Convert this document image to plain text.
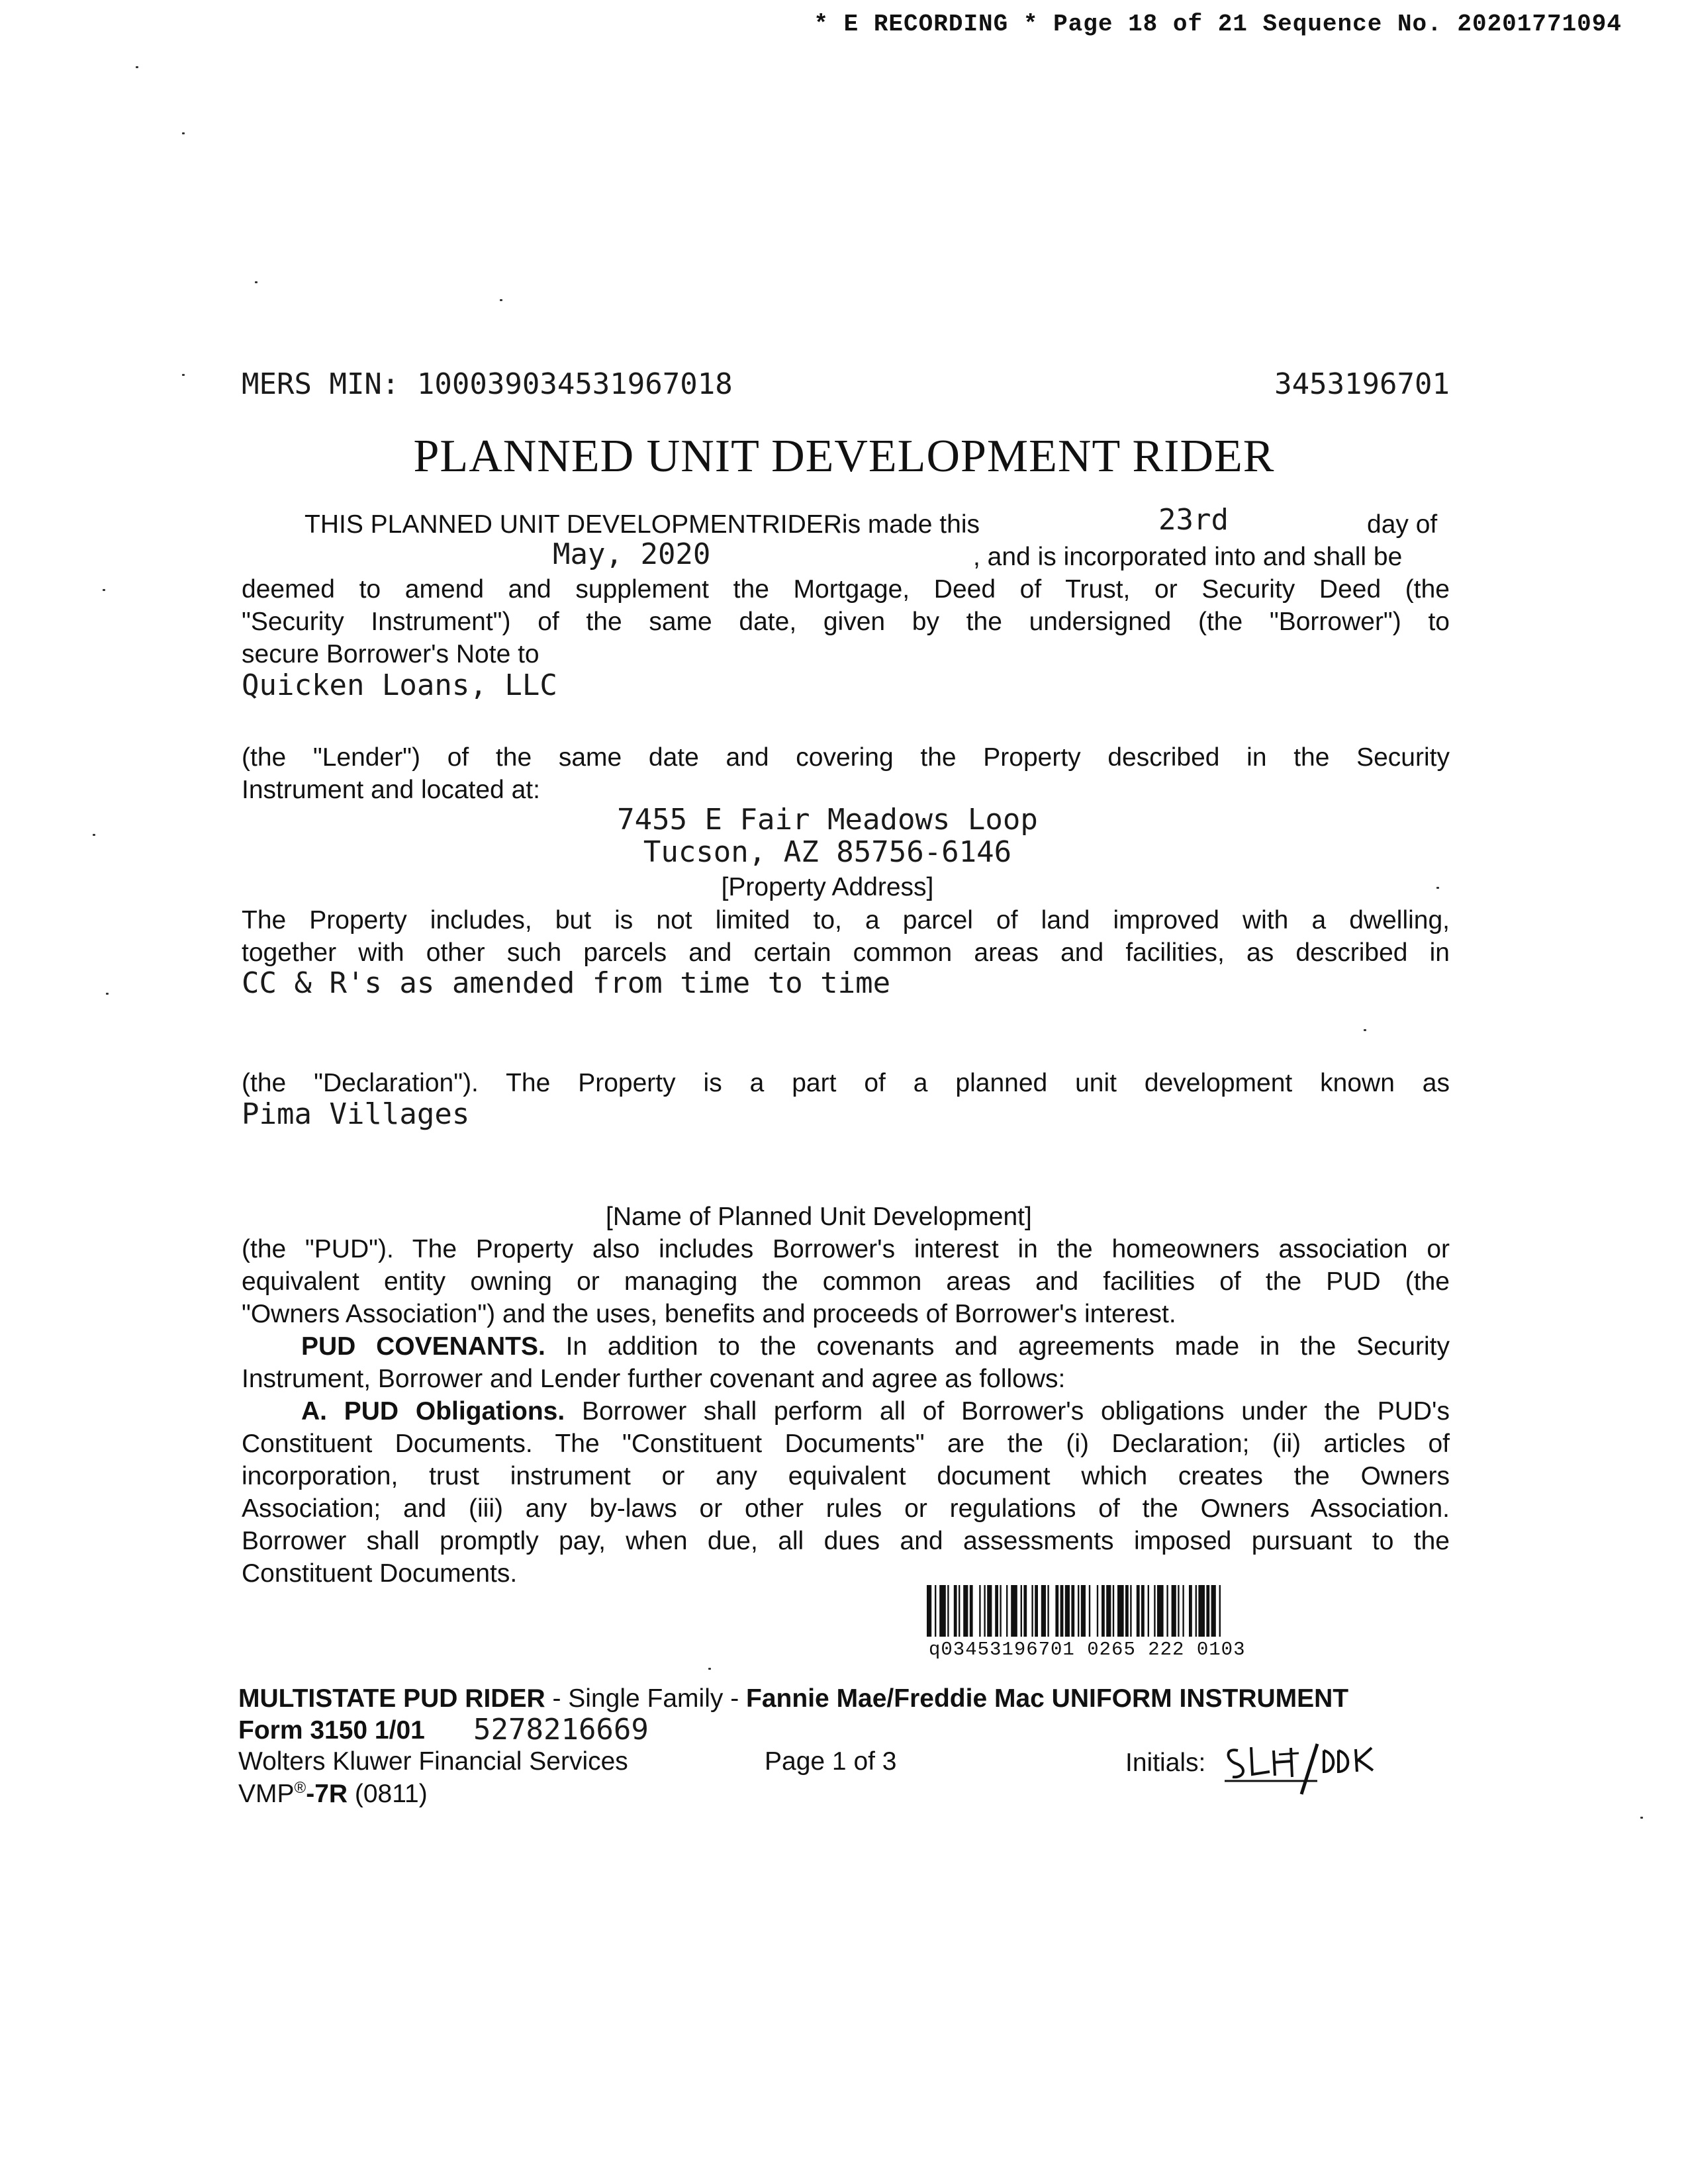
* E RECORDING * Page 18 of 21 Sequence No. 20201771094
MERS MIN: 100039034531967018	3453196701
PLANNED UNIT DEVELOPMENT RIDER
THIS PLANNED UNIT DEVELOPMENTRIDERis made this	23rd	day of
May, 2020	, and is incorporated into and shall be
deemed to amend and supplement the Mortgage, Deed of Trust, or Security Deed (the
"Security Instrument") of the same date, given by the undersigned (the "Borrower") to
secure Borrower's Note to
Quicken Loans, LLC
(the "Lender") of the same date and covering the Property described in the Security
Instrument and located at:
7455 E Fair Meadows Loop
Tucson, AZ 85756-6146
[Property Address]
The Property includes, but is not limited to, a parcel of land improved with a dwelling,
together with other such parcels and certain common areas and facilities, as described in
CC & R's as amended from time to time
(the "Declaration"). The Property is a part of a planned unit development known as
Pima Villages
[Name of Planned Unit Development]
(the "PUD"). The Property also includes Borrower's interest in the homeowners association or
equivalent entity owning or managing the common areas and facilities of the PUD (the
"Owners Association") and the uses, benefits and proceeds of Borrower's interest.
PUD COVENANTS. In addition to the covenants and agreements made in the Security
Instrument, Borrower and Lender further covenant and agree as follows:
A. PUD Obligations. Borrower shall perform all of Borrower's obligations under the PUD's
Constituent Documents. The "Constituent Documents" are the (i) Declaration; (ii) articles of
incorporation, trust instrument or any equivalent document which creates the Owners
Association; and (iii) any by-laws or other rules or regulations of the Owners Association.
Borrower shall promptly pay, when due, all dues and assessments imposed pursuant to the
Constituent Documents.
q03453196701 0265 222 0103
MULTISTATE PUD RIDER - Single Family - Fannie Mae/Freddie Mac UNIFORM INSTRUMENT
Form 3150 1/01 5278216669
Wolters Kluwer Financial Services	Page 1 of 3	Initials:
VMP®-7R (0811)
